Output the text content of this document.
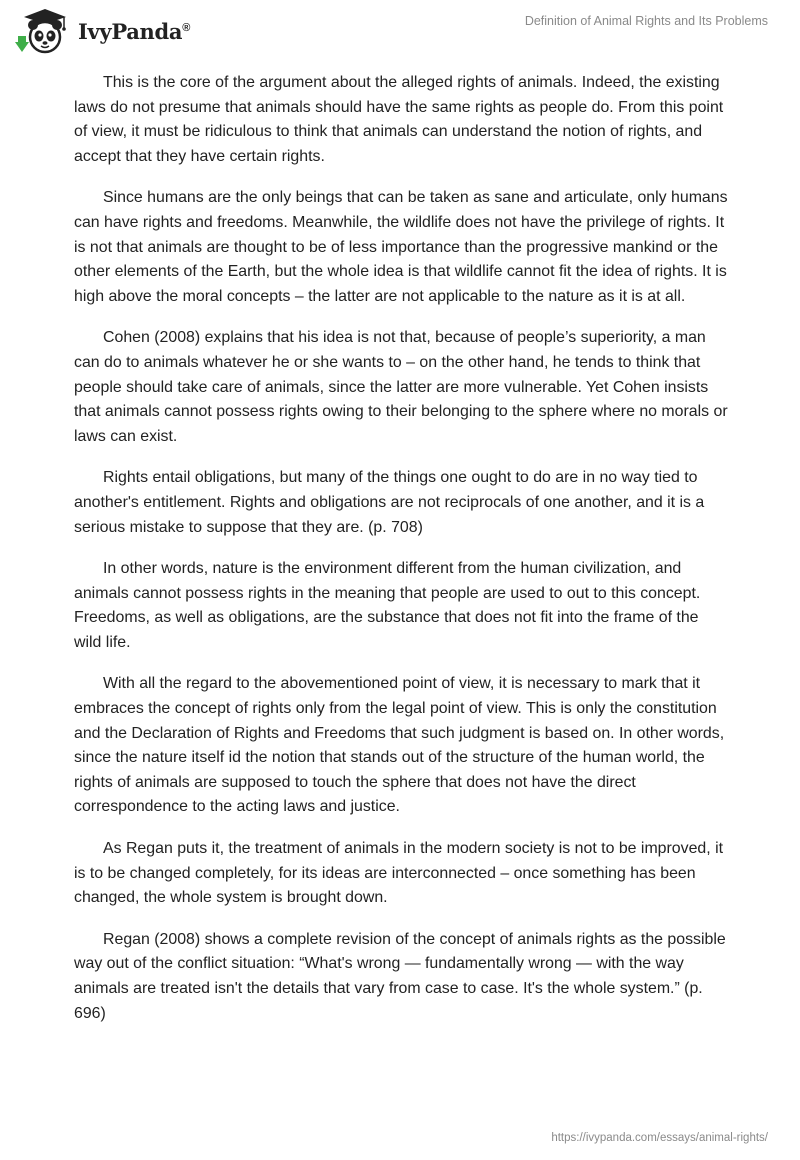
IvyPanda®	Definition of Animal Rights and Its Problems

This is the core of the argument about the alleged rights of animals. Indeed, the existing laws do not presume that animals should have the same rights as people do. From this point of view, it must be ridiculous to think that animals can understand the notion of rights, and accept that they have certain rights.

Since humans are the only beings that can be taken as sane and articulate, only humans can have rights and freedoms. Meanwhile, the wildlife does not have the privilege of rights. It is not that animals are thought to be of less importance than the progressive mankind or the other elements of the Earth, but the whole idea is that wildlife cannot fit the idea of rights. It is high above the moral concepts – the latter are not applicable to the nature as it is at all.

Cohen (2008) explains that his idea is not that, because of people’s superiority, a man can do to animals whatever he or she wants to – on the other hand, he tends to think that people should take care of animals, since the latter are more vulnerable. Yet Cohen insists that animals cannot possess rights owing to their belonging to the sphere where no morals or laws can exist.

Rights entail obligations, but many of the things one ought to do are in no way tied to another's entitlement. Rights and obligations are not reciprocals of one another, and it is a serious mistake to suppose that they are. (p. 708)

In other words, nature is the environment different from the human civilization, and animals cannot possess rights in the meaning that people are used to out to this concept. Freedoms, as well as obligations, are the substance that does not fit into the frame of the wild life.

With all the regard to the abovementioned point of view, it is necessary to mark that it embraces the concept of rights only from the legal point of view. This is only the constitution and the Declaration of Rights and Freedoms that such judgment is based on. In other words, since the nature itself id the notion that stands out of the structure of the human world, the rights of animals are supposed to touch the sphere that does not have the direct correspondence to the acting laws and justice.

As Regan puts it, the treatment of animals in the modern society is not to be improved, it is to be changed completely, for its ideas are interconnected – once something has been changed, the whole system is brought down.

Regan (2008) shows a complete revision of the concept of animals rights as the possible way out of the conflict situation: “What's wrong — fundamentally wrong — with the way animals are treated isn't the details that vary from case to case. It's the whole system.” (p. 696)

https://ivypanda.com/essays/animal-rights/
